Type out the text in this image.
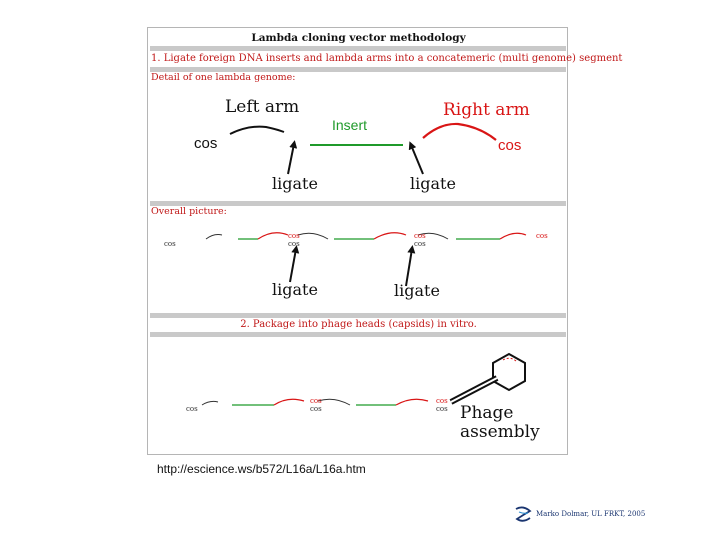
Lambda cloning vector methodology
1. Ligate foreign DNA inserts and lambda arms into a concatemeric (multi genome) segment
Detail of one lambda genome:
Left arm
Insert
Right arm
cos	cos
ligate	ligate
Overall picture:
cos
cos
cos
cos
cos
cos
ligate	ligate
2. Package into phage heads (capsids) in vitro.
cos
cos
cos
cos
cos Phage
assembly
http://escience.ws/b572/L16a/L16a.htm
Marko Dolmar, UL FRKT, 2005
